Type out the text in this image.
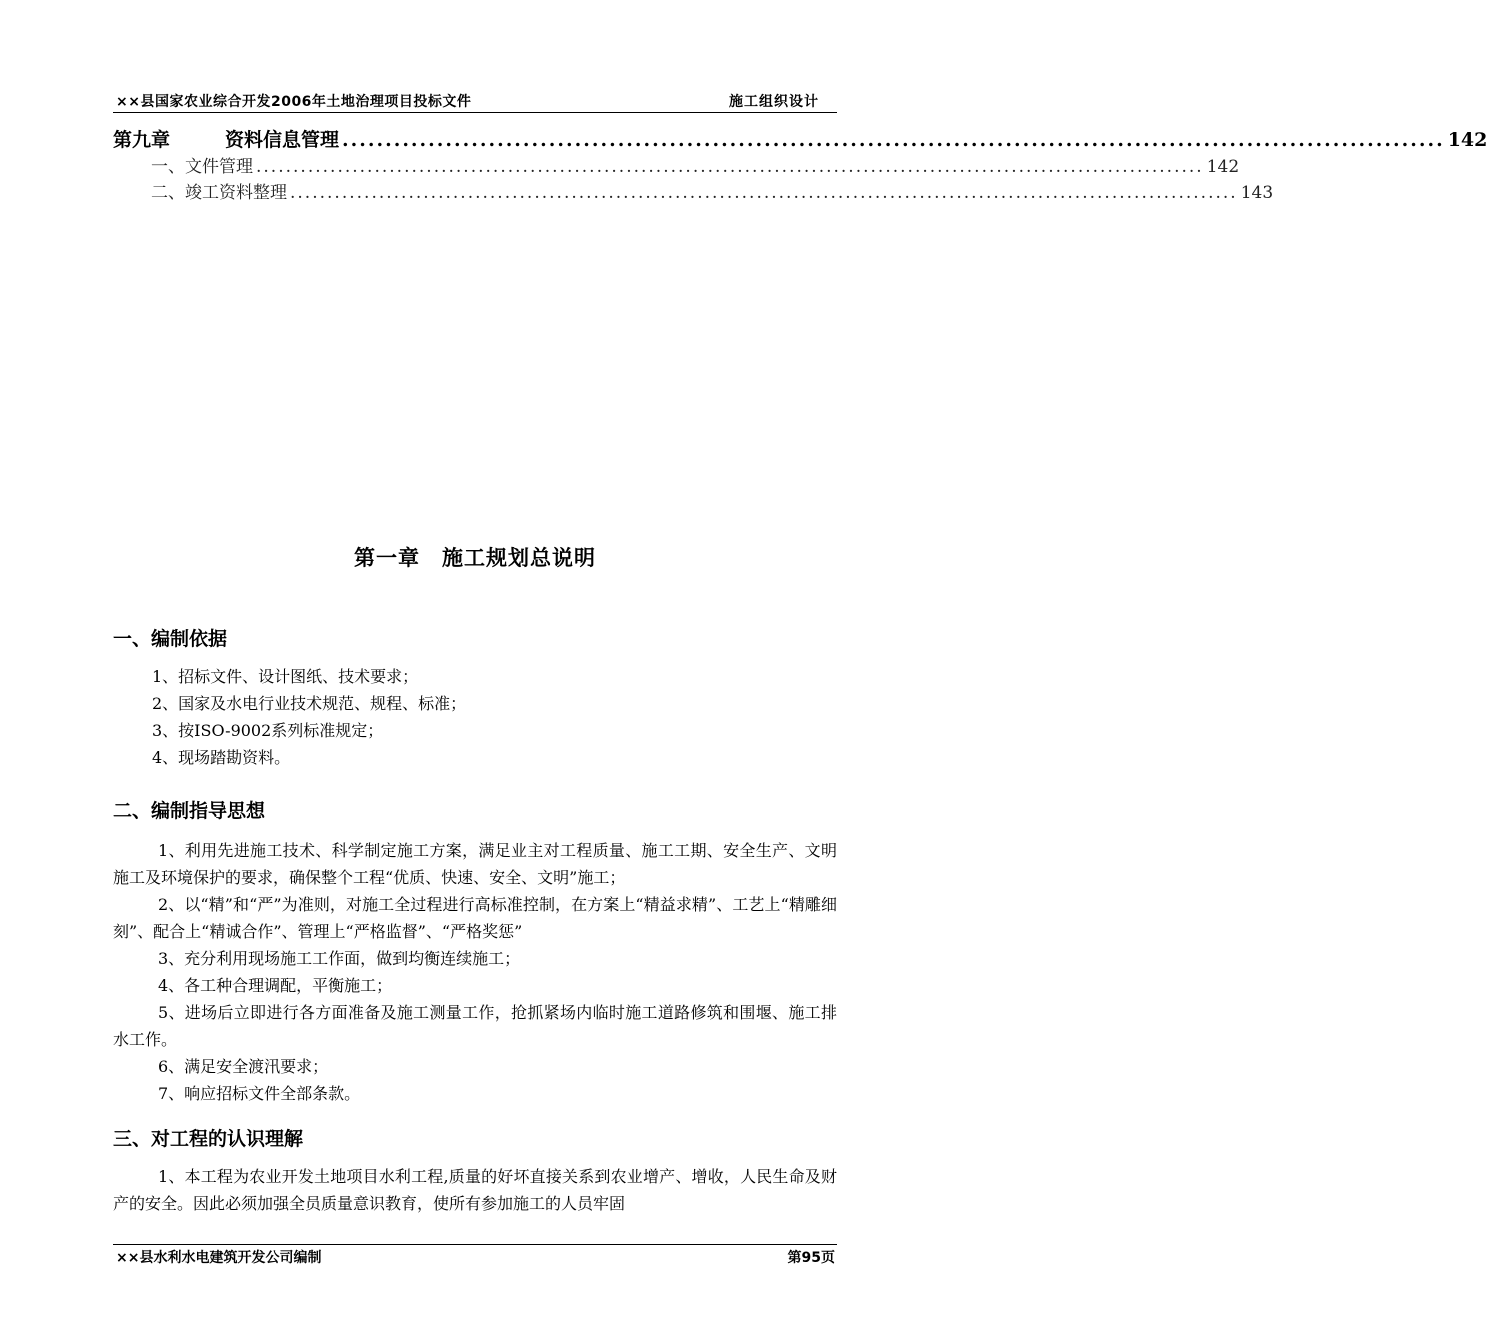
××县国家农业综合开发2006年土地治理项目投标文件	施工组织设计
第九章	资料信息管理 ................................................................................................................................ 142
一、文件管理 ................................................................................................................................ 142
二、竣工资料整理 ................................................................................................................................ 143
第一章　施工规划总说明
一、编制依据
1、招标文件、设计图纸、技术要求；
2、国家及水电行业技术规范、规程、标准；
3、按ISO-9002系列标准规定；
4、现场踏勘资料。
二、编制指导思想

1、利用先进施工技术、科学制定施工方案，满足业主对工程质量、施工工期、安全生产、文明施工及环境保护的要求，确保整个工程“优质、快速、安全、文明”施工；

2、以“精”和“严”为准则，对施工全过程进行高标准控制，在方案上“精益求精”、工艺上“精雕细刻”、配合上“精诚合作”、管理上“严格监督”、“严格奖惩”

3、充分利用现场施工工作面，做到均衡连续施工；

4、各工种合理调配，平衡施工；

5、进场后立即进行各方面准备及施工测量工作，抢抓紧场内临时施工道路修筑和围堰、施工排水工作。

6、满足安全渡汛要求；

7、响应招标文件全部条款。

三、对工程的认识理解

1、本工程为农业开发土地项目水利工程,质量的好坏直接关系到农业增产、增收，人民生命及财产的安全。因此必须加强全员质量意识教育，使所有参加施工的人员牢固

××县水利水电建筑开发公司编制	第95页
